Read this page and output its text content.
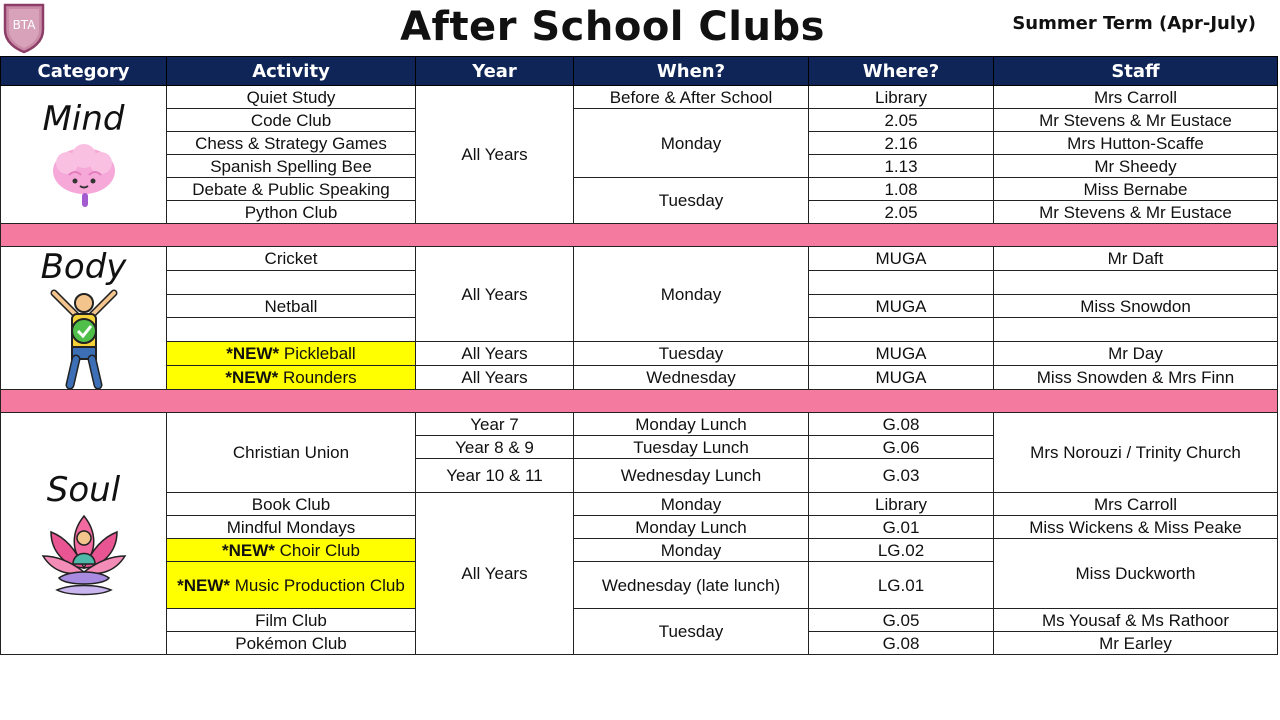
BTA	After School Clubs	Summer Term (Apr-July)
Category	Activity	Year	When?	Where?	Staff

Mind	Quiet Study	All Years	Before & After School	Library	Mrs Carroll
	Code Club		Monday	2.05	Mr Stevens & Mr Eustace
	Chess & Strategy Games			2.16	Mrs Hutton-Scaffe
	Spanish Spelling Bee			1.13	Mr Sheedy
	Debate & Public Speaking		Tuesday	1.08	Miss Bernabe
	Python Club			2.05	Mr Stevens & Mr Eustace

Body	Cricket	All Years	Monday	MUGA	Mr Daft

	Netball			MUGA	Miss Snowdon

	*NEW* Pickleball	All Years	Tuesday	MUGA	Mr Day
	*NEW* Rounders	All Years	Wednesday	MUGA	Miss Snowden & Mrs Finn

Soul	Christian Union	Year 7	Monday Lunch	G.08	Mrs Norouzi / Trinity Church
		Year 8 & 9	Tuesday Lunch	G.06	
		Year 10 & 11	Wednesday Lunch	G.03	
	Book Club	All Years	Monday	Library	Mrs Carroll
	Mindful Mondays		Monday Lunch	G.01	Miss Wickens & Miss Peake
	*NEW* Choir Club		Monday	LG.02	Miss Duckworth
	*NEW* Music Production Club		Wednesday (late lunch)	LG.01	
	Film Club		Tuesday	G.05	Ms Yousaf & Ms Rathoor
	Pokémon Club			G.08	Mr Earley
